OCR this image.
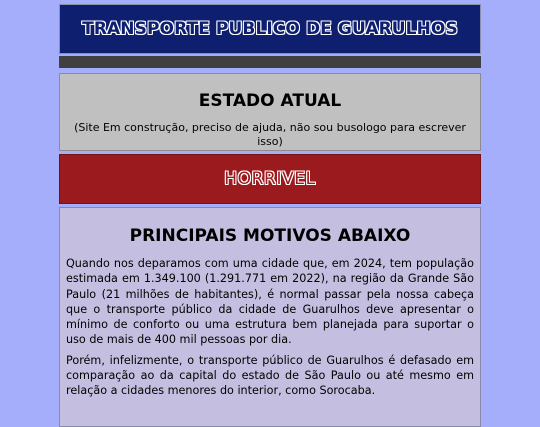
TRANSPORTE PUBLICO DE GUARULHOS
ESTADO ATUAL
(Site Em construção, preciso de ajuda, não sou busologo para escrever isso)
HORRIVEL
PRINCIPAIS MOTIVOS ABAIXO

Quando nos deparamos com uma cidade que, em 2024, tem população estimada em 1.349.100 (1.291.771 em 2022), na região da Grande São Paulo (21 milhões de habitantes), é normal passar pela nossa cabeça que o transporte público da cidade de Guarulhos deve apresentar o mínimo de conforto ou uma estrutura bem planejada para suportar o uso de mais de 400 mil pessoas por dia.

Porém, infelizmente, o transporte público de Guarulhos é defasado em comparação ao da capital do estado de São Paulo ou até mesmo em relação a cidades menores do interior, como Sorocaba.
